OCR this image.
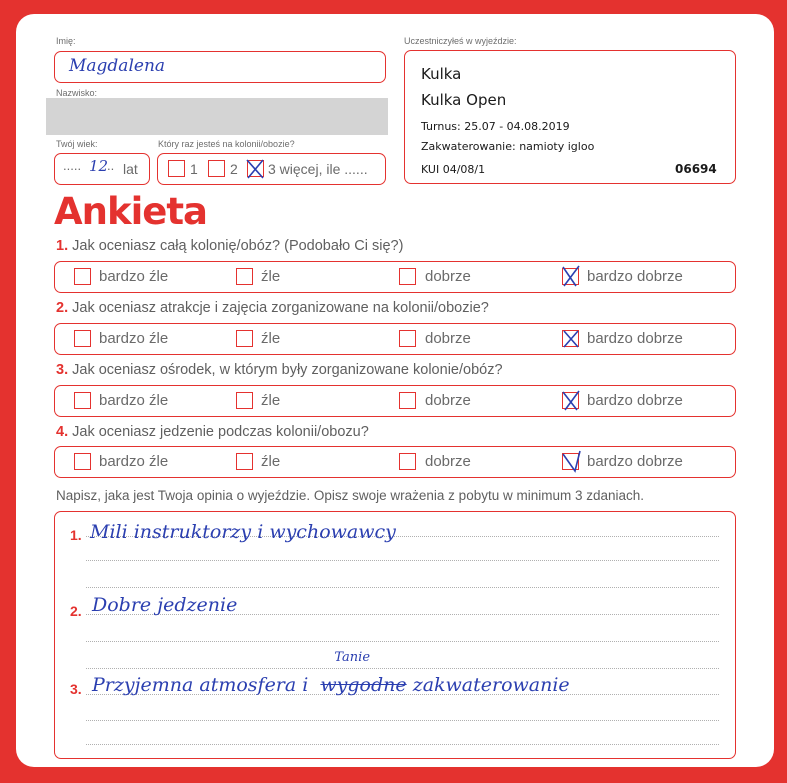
Imię:
Magdalena
Nazwisko:
Twój wiek:
..... 12
.. lat
Który raz jesteś na kolonii/obozie?
1 2 3 więcej, ile ......
Uczestniczyłeś w wyjeździe:
Kulka
Kulka Open
Turnus: 25.07 - 04.08.2019
Zakwaterowanie: namioty igloo
KUI 04/08/1	06694
Ankieta
1. Jak oceniasz całą kolonię/obóz? (Podobało Ci się?)
bardzo źle	źle	dobrze	bardzo dobrze
2. Jak oceniasz atrakcje i zajęcia zorganizowane na kolonii/obozie?
bardzo źle	źle	dobrze	bardzo dobrze
3. Jak oceniasz ośrodek, w którym były zorganizowane kolonie/obóz?
bardzo źle	źle	dobrze	bardzo dobrze
4. Jak oceniasz jedzenie podczas kolonii/obozu?
bardzo źle	źle	dobrze	bardzo dobrze
Napisz, jaka jest Twoja opinia o wyjeździe. Opisz swoje wrażenia z pobytu w minimum 3 zdaniach.
1. Mili instruktorzy i wychowawcy
2. Dobre jedzenie
3. Przyjemna atmosfera i
Tanie
wygodne zakwaterowanie
